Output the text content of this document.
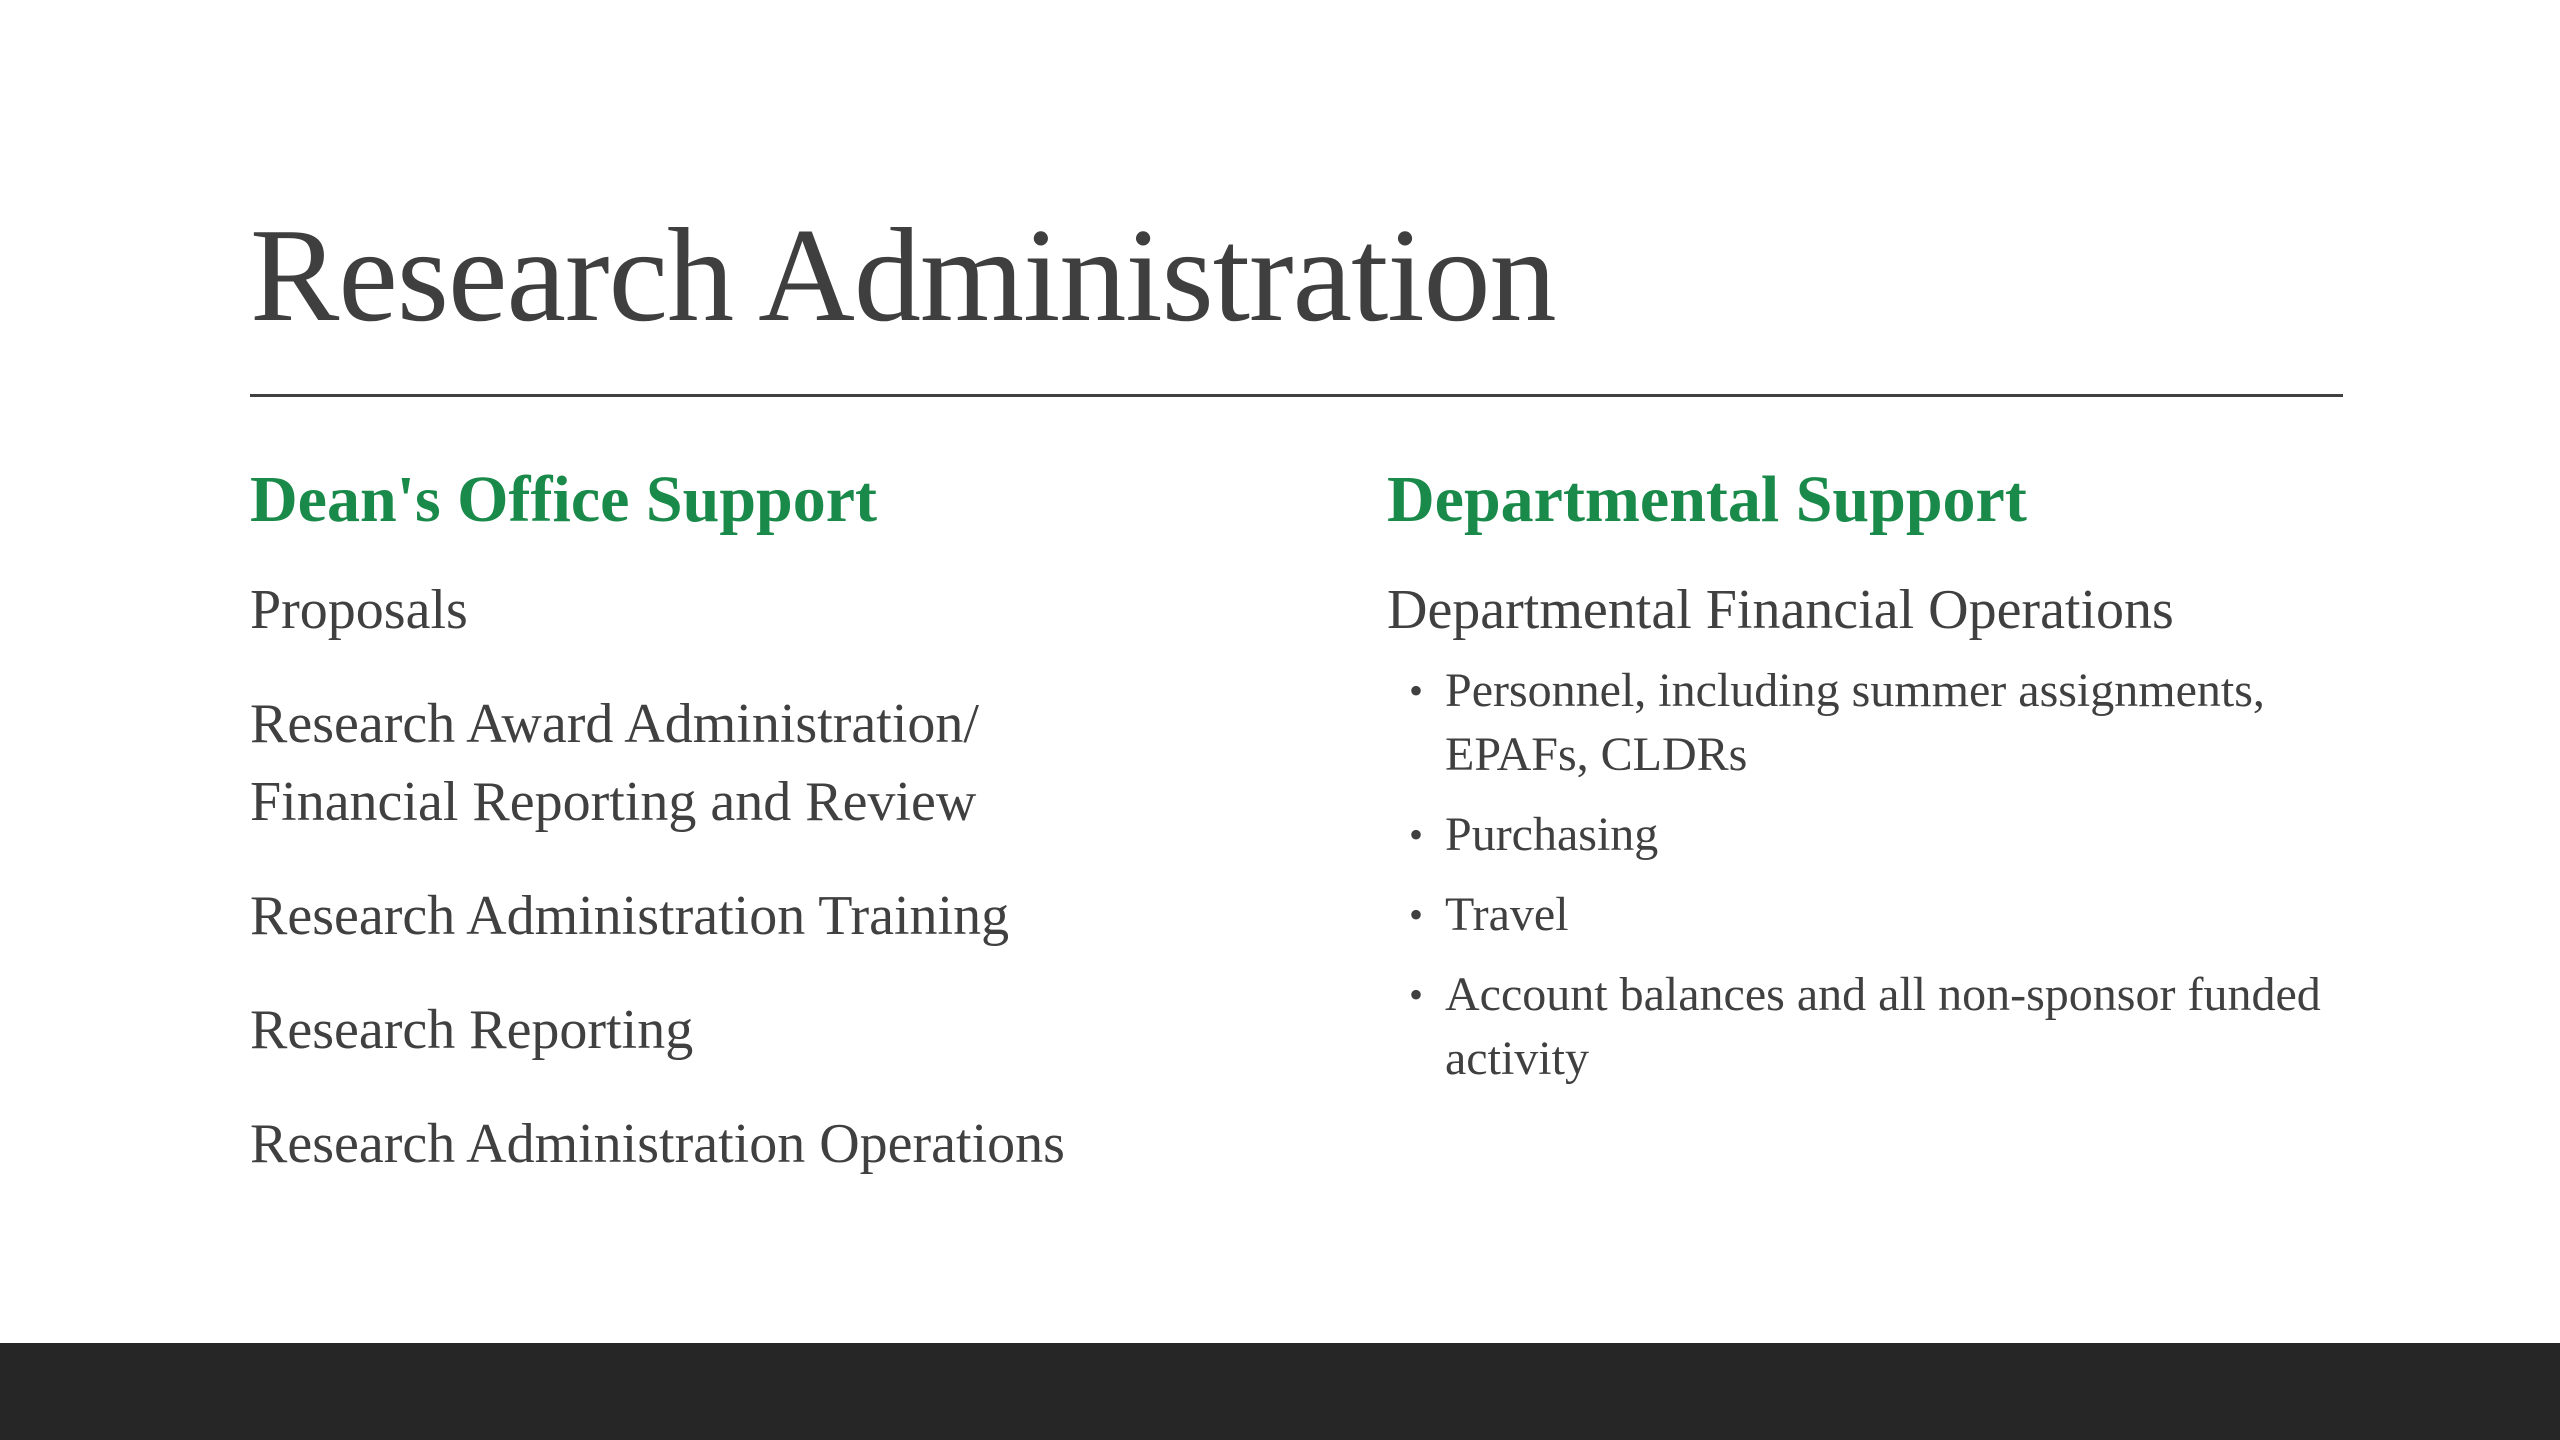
Research Administration
Dean's Office Support
Proposals
Research Award Administration/ Financial Reporting and Review
Research Administration Training
Research Reporting
Research Administration Operations
Departmental Support
Departmental Financial Operations
• Personnel, including summer assignments, EPAFs, CLDRs
• Purchasing
• Travel
• Account balances and all non-sponsor funded activity
